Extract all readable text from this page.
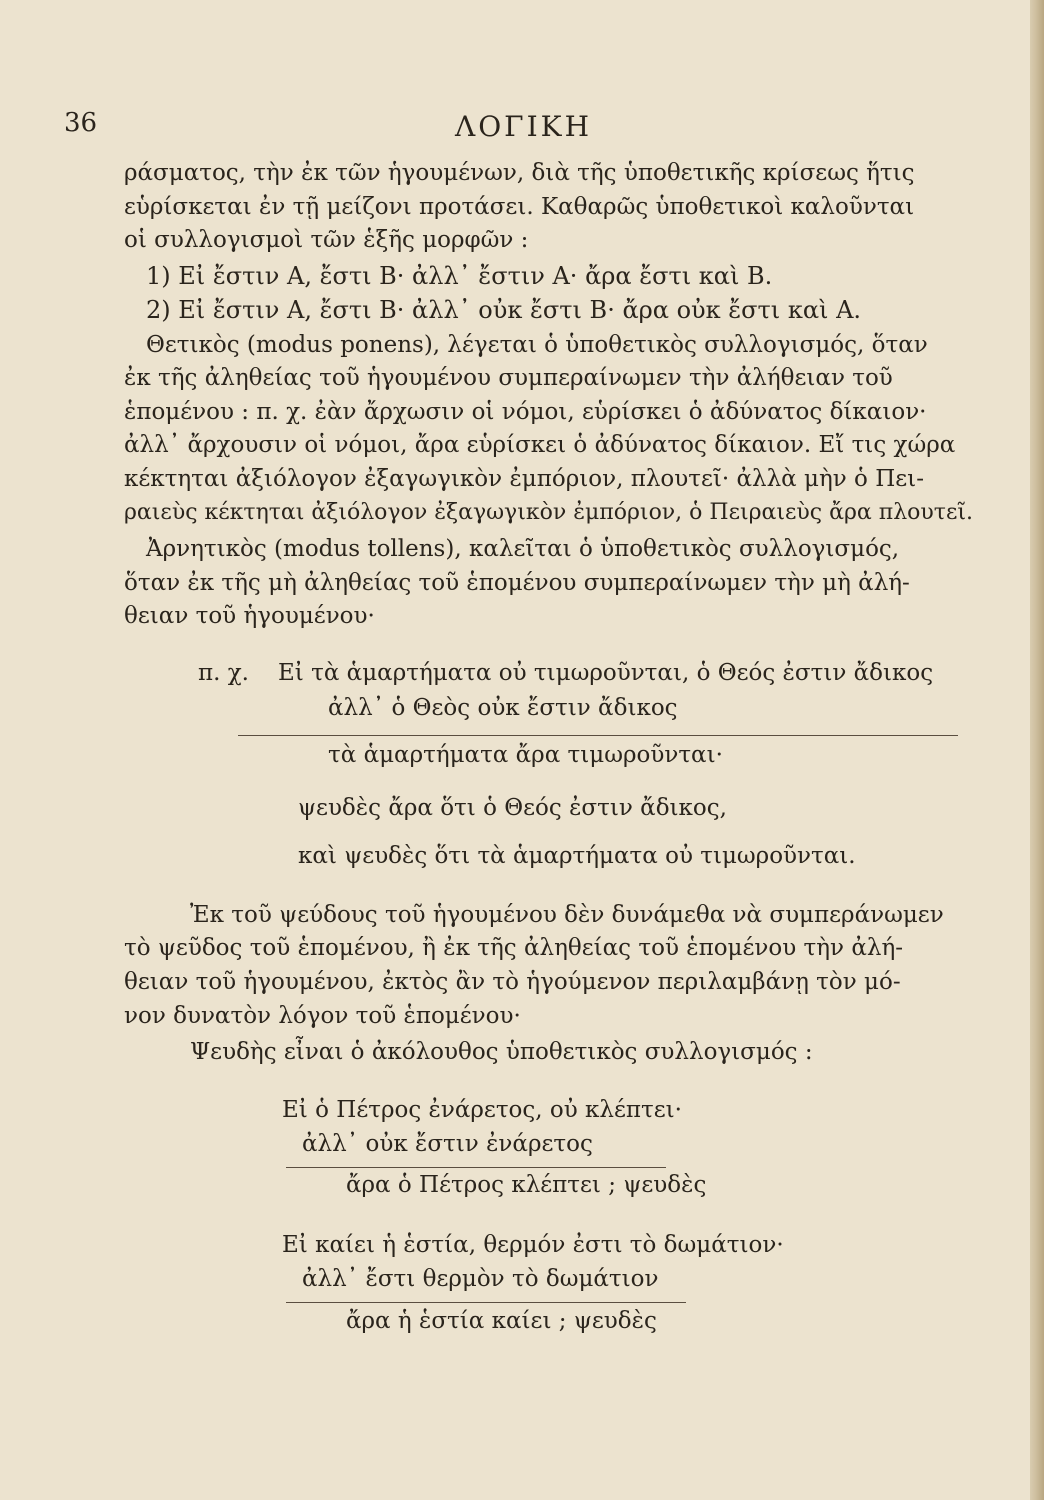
36	ΛΟΓΙΚΗ
ράσματος, τὴν ἐκ τῶν ἡγουμένων, διὰ τῆς ὑποθετικῆς κρίσεως ἥτις
εὑρίσκεται ἐν τῇ μείζονι προτάσει. Καθαρῶς ὑποθετικοὶ καλοῦνται
οἱ συλλογισμοὶ τῶν ἑξῆς μορφῶν :
1) Εἰ ἔστιν Α, ἔστι Β· ἀλλ᾽ ἔστιν Α· ἄρα ἔστι καὶ Β.
2) Εἰ ἔστιν Α, ἔστι Β· ἀλλ᾽ οὐκ ἔστι Β· ἄρα οὐκ ἔστι καὶ Α.
Θετικὸς (modus ponens), λέγεται ὁ ὑποθετικὸς συλλογισμός, ὅταν
ἐκ τῆς ἀληθείας τοῦ ἡγουμένου συμπεραίνωμεν τὴν ἀλήθειαν τοῦ
ἑπομένου : π. χ. ἐὰν ἄρχωσιν οἱ νόμοι, εὑρίσκει ὁ ἀδύνατος δίκαιον·
ἀλλ᾽ ἄρχουσιν οἱ νόμοι, ἄρα εὑρίσκει ὁ ἀδύνατος δίκαιον. Εἴ τις χώρα
κέκτηται ἀξιόλογον ἐξαγωγικὸν ἐμπόριον, πλουτεῖ· ἀλλὰ μὴν ὁ Πει-
ραιεὺς κέκτηται ἀξιόλογον ἐξαγωγικὸν ἐμπόριον, ὁ Πειραιεὺς ἄρα πλουτεῖ.
Ἀρνητικὸς (modus tollens), καλεῖται ὁ ὑποθετικὸς συλλογισμός,
ὅταν ἐκ τῆς μὴ ἀληθείας τοῦ ἑπομένου συμπεραίνωμεν τὴν μὴ ἀλή-
θειαν τοῦ ἡγουμένου·
π. χ. Εἰ τὰ ἁμαρτήματα οὐ τιμωροῦνται, ὁ Θεός ἐστιν ἄδικος
ἀλλ᾽ ὁ Θεὸς οὐκ ἔστιν ἄδικος
τὰ ἁμαρτήματα ἄρα τιμωροῦνται·
ψευδὲς ἄρα ὅτι ὁ Θεός ἐστιν ἄδικος,
καὶ ψευδὲς ὅτι τὰ ἁμαρτήματα οὐ τιμωροῦνται.
Ἐκ τοῦ ψεύδους τοῦ ἡγουμένου δὲν δυνάμεθα νὰ συμπεράνωμεν
τὸ ψεῦδος τοῦ ἑπομένου, ἢ ἐκ τῆς ἀληθείας τοῦ ἑπομένου τὴν ἀλή-
θειαν τοῦ ἡγουμένου, ἐκτὸς ἂν τὸ ἡγούμενον περιλαμβάνῃ τὸν μό-
νον δυνατὸν λόγον τοῦ ἑπομένου·
Ψευδὴς εἶναι ὁ ἀκόλουθος ὑποθετικὸς συλλογισμός :
Εἰ ὁ Πέτρος ἐνάρετος, οὐ κλέπτει·
ἀλλ᾽ οὐκ ἔστιν ἐνάρετος
ἄρα ὁ Πέτρος κλέπτει ; ψευδὲς
Εἰ καίει ἡ ἑστία, θερμόν ἐστι τὸ δωμάτιον·
ἀλλ᾽ ἔστι θερμὸν τὸ δωμάτιον
ἄρα ἡ ἑστία καίει ; ψευδὲς
